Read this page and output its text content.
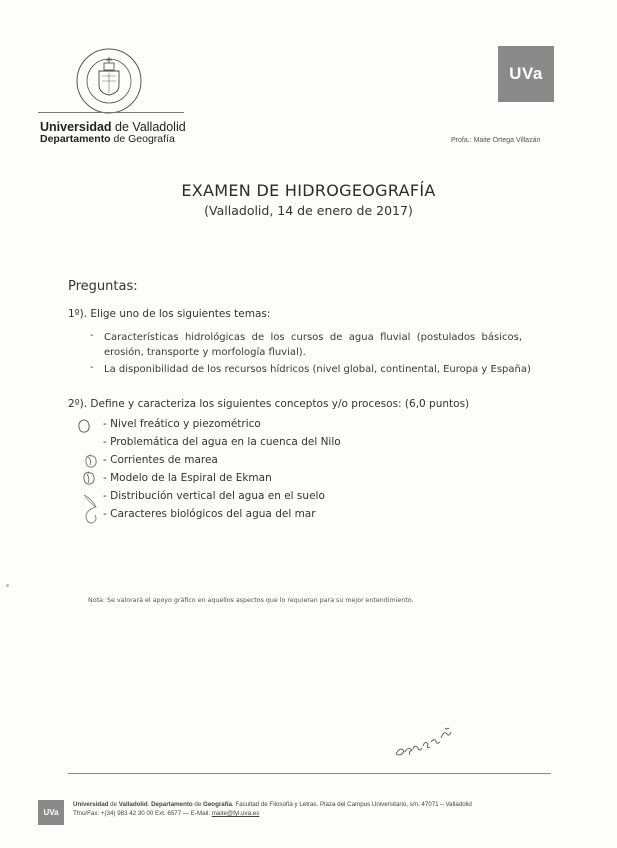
UVa
Universidad de Valladolid
Departamento de Geografía	Profa.: Maite Ortega Villazán
EXAMEN DE HIDROGEOGRAFÍA
(Valladolid, 14 de enero de 2017)
Preguntas:
1º). Elige uno de los siguientes temas:
- Características hidrológicas de los cursos de agua fluvial (postulados básicos, erosión, transporte y morfología fluvial).
- La disponibilidad de los recursos hídricos (nivel global, continental, Europa y España)
2º). Define y caracteriza los siguientes conceptos y/o procesos: (6,0 puntos)
- Nivel freático y piezométrico
- Problemática del agua en la cuenca del Nilo
- Corrientes de marea
- Modelo de la Espiral de Ekman
- Distribución vertical del agua en el suelo
- Caracteres biológicos del agua del mar
Nota: Se valorará el apoyo gráfico en aquellos aspectos que lo requieran para su mejor entendimiento.
UVa
Universidad de Valladolid. Departamento de Geografía. Facultad de Filosofía y Letras. Plaza del Campus Universitario, s/n. 47071 – Valladolid
Tfno/Fax: +(34) 983 42 30 00 Ext. 6577 — E-Mail: maite@fyl.uva.es
